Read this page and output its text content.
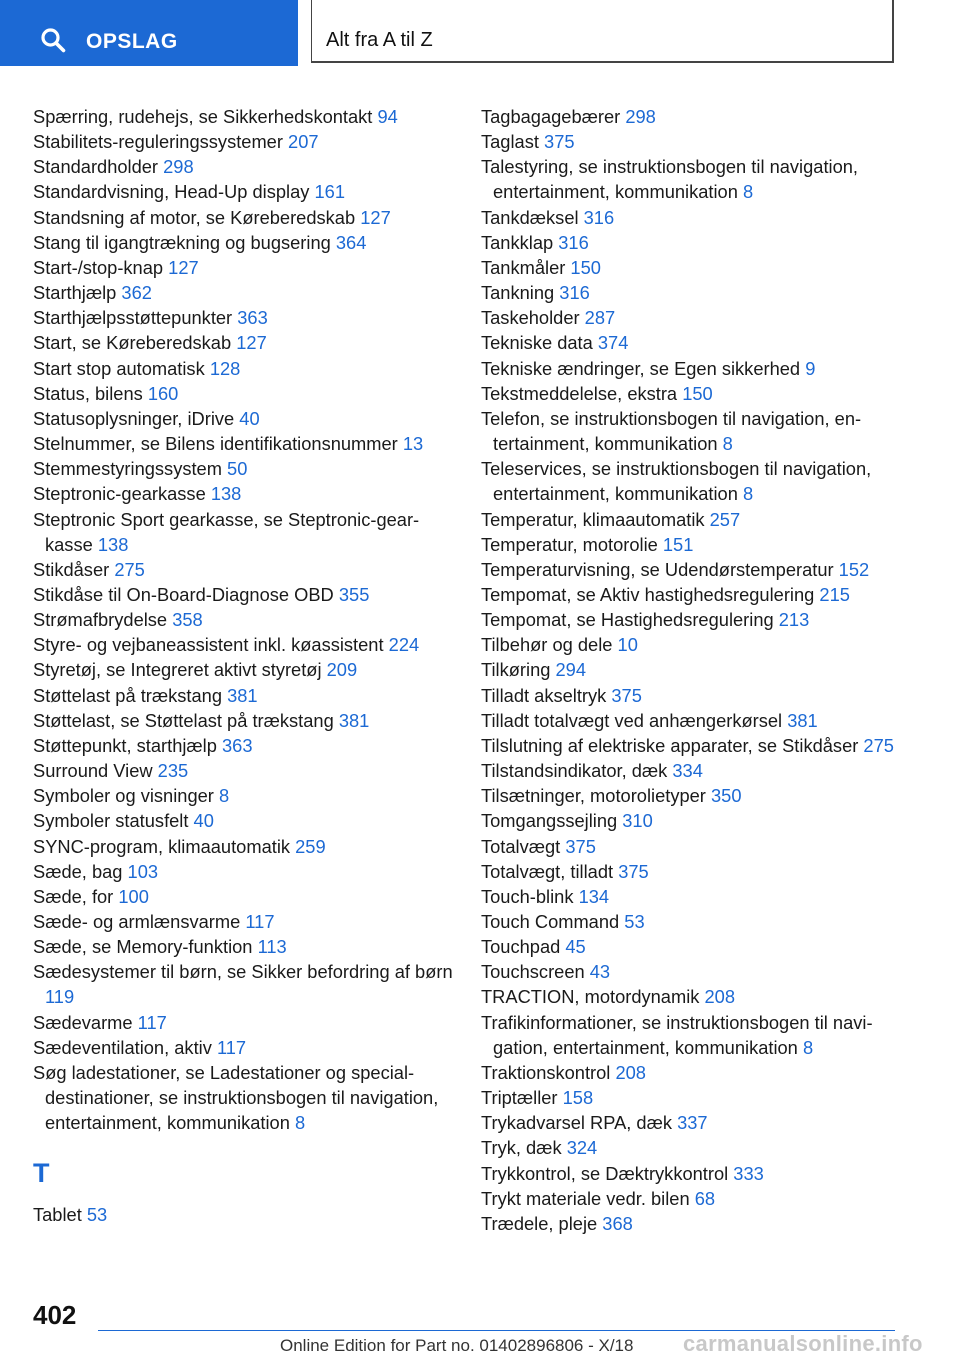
OPSLAG	Alt fra A til Z

Spærring, rudehejs, se Sikkerhedskontakt 94

Stabilitets-reguleringssystemer 207

Standardholder 298

Standardvisning, Head-Up display 161

Standsning af motor, se Køreberedskab 127

Stang til igangtrækning og bugsering 364

Start-/stop-knap 127

Starthjælp 362

Starthjælpsstøttepunkter 363

Start, se Køreberedskab 127

Start stop automatisk 128

Status, bilens 160

Statusoplysninger, iDrive 40

Stelnummer, se Bilens identifikationsnummer 13

Stemmestyringssystem 50

Steptronic-gearkasse 138

Steptronic Sport gearkasse, se Steptronic-gearkasse 138

Stikdåser 275

Stikdåse til On-Board-Diagnose OBD 355

Strømafbrydelse 358

Styre- og vejbaneassistent inkl. køassistent 224

Styretøj, se Integreret aktivt styretøj 209

Støttelast på trækstang 381

Støttelast, se Støttelast på trækstang 381

Støttepunkt, starthjælp 363

Surround View 235

Symboler og visninger 8

Symboler statusfelt 40

SYNC-program, klimaautomatik 259

Sæde, bag 103

Sæde, for 100

Sæde- og armlænsvarme 117

Sæde, se Memory-funktion 113

Sædesystemer til børn, se Sikker befordring af børn 119

Sædevarme 117

Sædeventilation, aktiv 117

Søg ladestationer, se Ladestationer og specialdestinationer, se instruktionsbogen til navigation, entertainment, kommunikation 8

T

Tablet 53

Tagbagagebærer 298

Taglast 375

Talestyring, se instruktionsbogen til navigation, entertainment, kommunikation 8

Tankdæksel 316

Tankklap 316

Tankmåler 150

Tankning 316

Taskeholder 287

Tekniske data 374

Tekniske ændringer, se Egen sikkerhed 9

Tekstmeddelelse, ekstra 150

Telefon, se instruktionsbogen til navigation, entertainment, kommunikation 8

Teleservices, se instruktionsbogen til navigation, entertainment, kommunikation 8

Temperatur, klimaautomatik 257

Temperatur, motorolie 151

Temperaturvisning, se Udendørstemperatur 152

Tempomat, se Aktiv hastighedsregulering 215

Tempomat, se Hastighedsregulering 213

Tilbehør og dele 10

Tilkøring 294

Tilladt akseltryk 375

Tilladt totalvægt ved anhængerkørsel 381

Tilslutning af elektriske apparater, se Stikdåser 275

Tilstandsindikator, dæk 334

Tilsætninger, motorolietyper 350

Tomgangssejling 310

Totalvægt 375

Totalvægt, tilladt 375

Touch-blink 134

Touch Command 53

Touchpad 45

Touchscreen 43

TRACTION, motordynamik 208

Trafikinformationer, se instruktionsbogen til navigation, entertainment, kommunikation 8

Traktionskontrol 208

Triptæller 158

Trykadvarsel RPA, dæk 337

Tryk, dæk 324

Trykkontrol, se Dæktrykkontrol 333

Trykt materiale vedr. bilen 68

Trædele, pleje 368

402
Online Edition for Part no. 01402896806 - X/18 carmanualsonline.info
